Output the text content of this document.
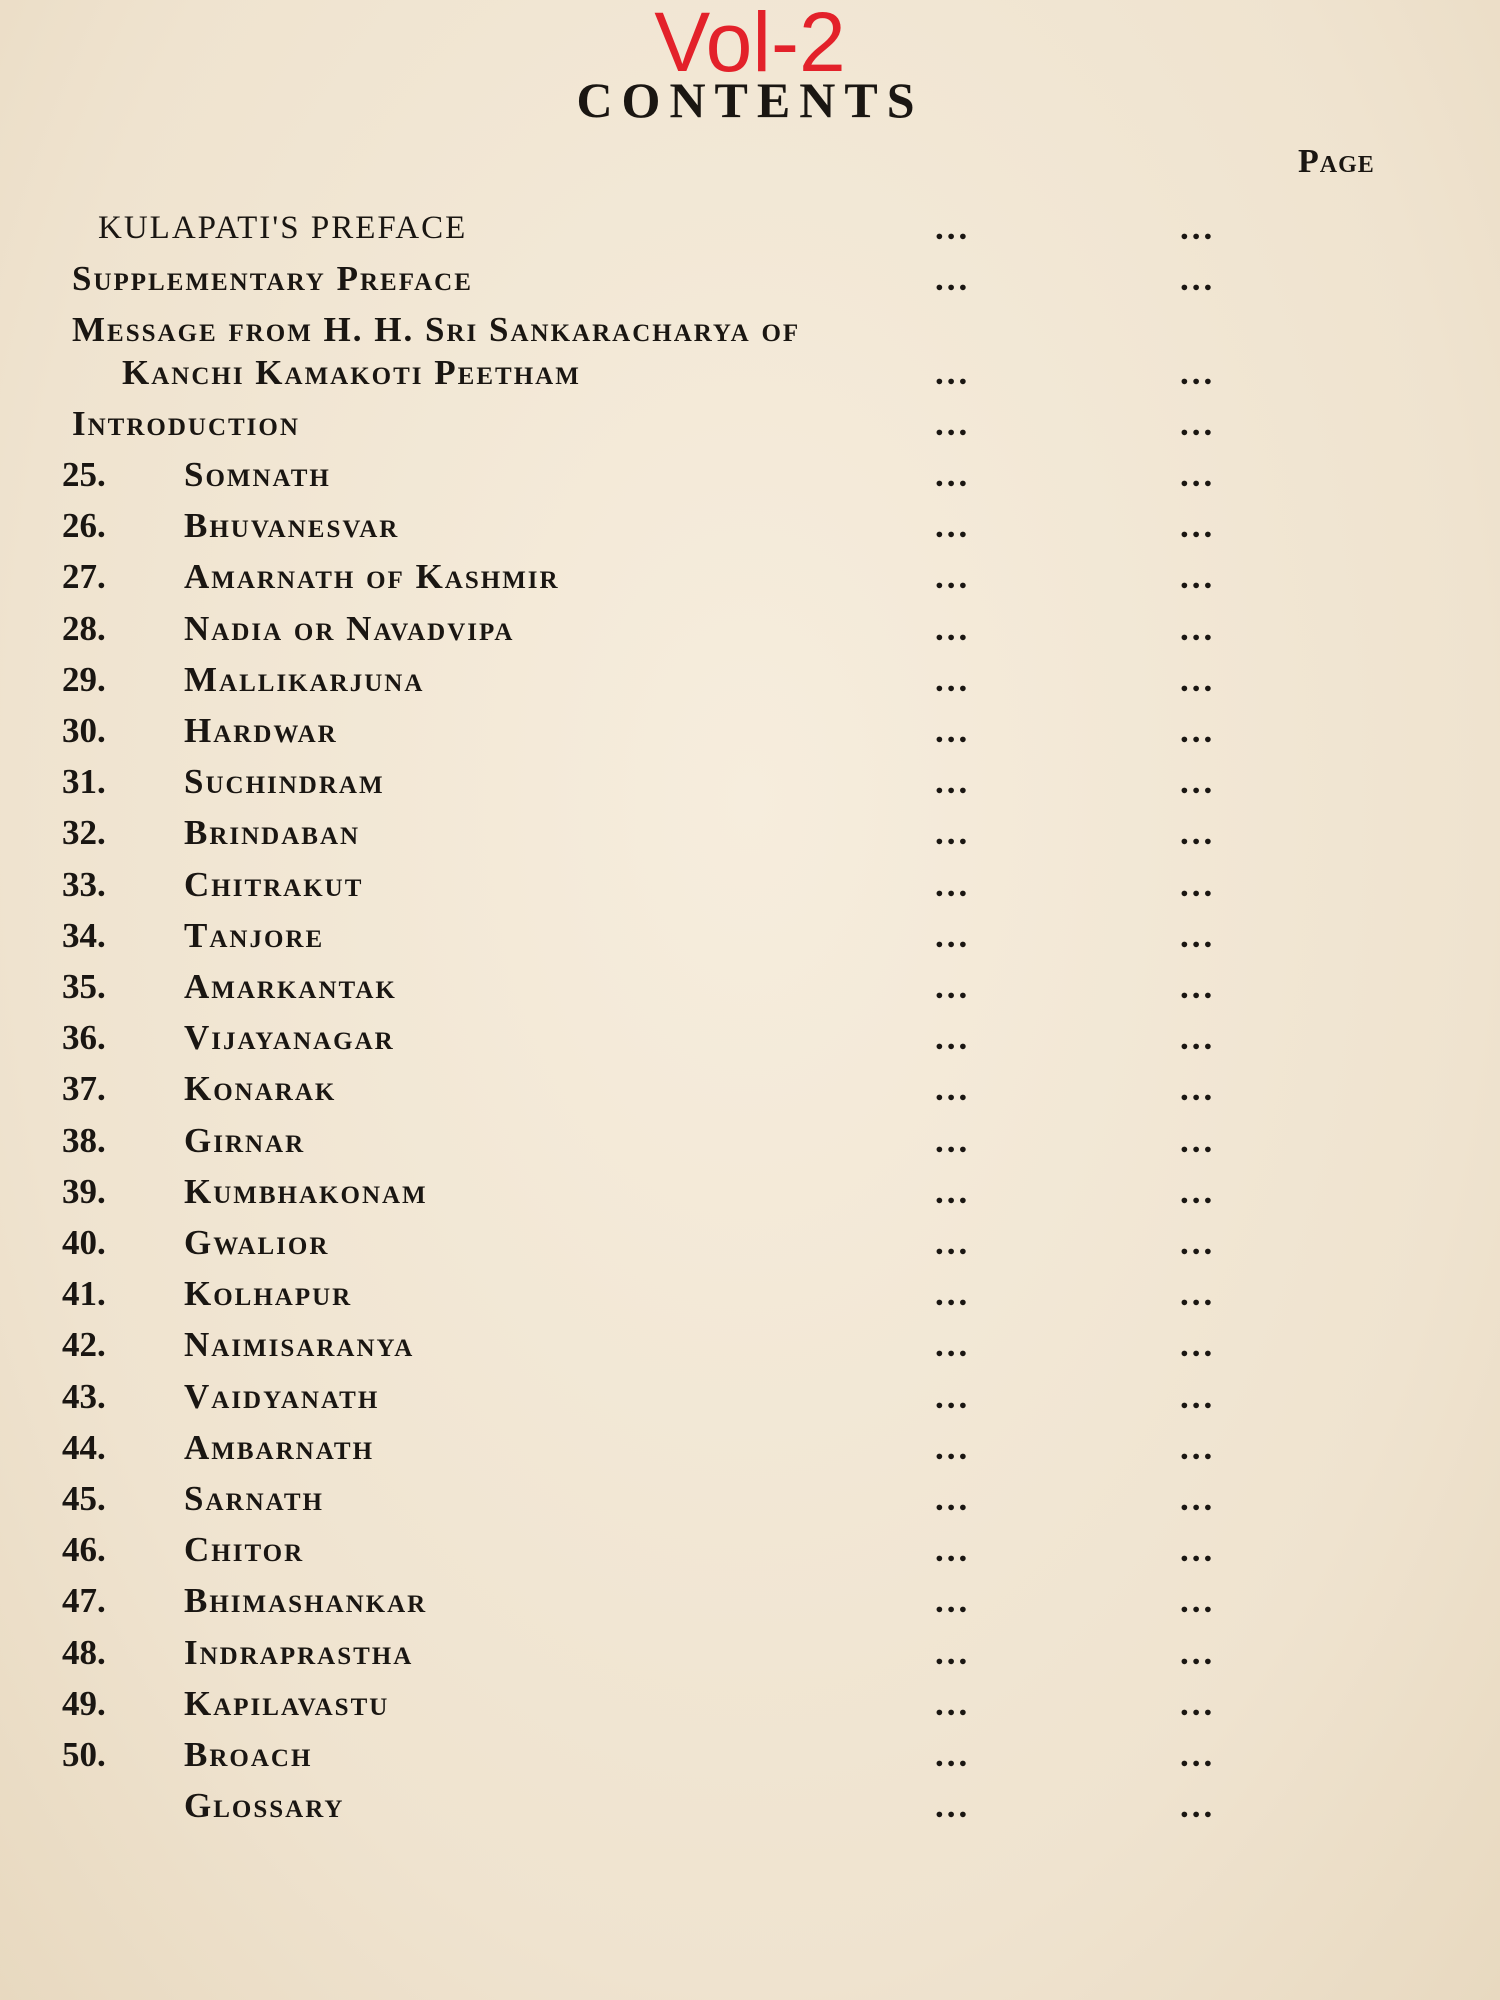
Vol-2
CONTENTS
Page
KULAPATI'S PREFACE	...	...
Supplementary Preface	...	...
Message from H. H. Sri Sankaracharya of
Kanchi Kamakoti Peetham	...	...
Introduction	...	...
25. Somnath	...	...
26. Bhuvanesvar	...	...
27. Amarnath of Kashmir	...	...
28. Nadia or Navadvipa	...	...
29. Mallikarjuna	...	...
30. Hardwar	...	...
31. Suchindram	...	...
32. Brindaban	...	...
33. Chitrakut	...	...
34. Tanjore	...	...
35. Amarkantak	...	...
36. Vijayanagar	...	...
37. Konarak	...	...
38. Girnar	...	...
39. Kumbhakonam	...	...
40. Gwalior	...	...
41. Kolhapur	...	...
42. Naimisaranya	...	...
43. Vaidyanath	...	...
44. Ambarnath	...	...
45. Sarnath	...	...
46. Chitor	...	...
47. Bhimashankar	...	...
48. Indraprastha	...	...
49. Kapilavastu	...	...
50. Broach	...	...
Glossary	...	...
